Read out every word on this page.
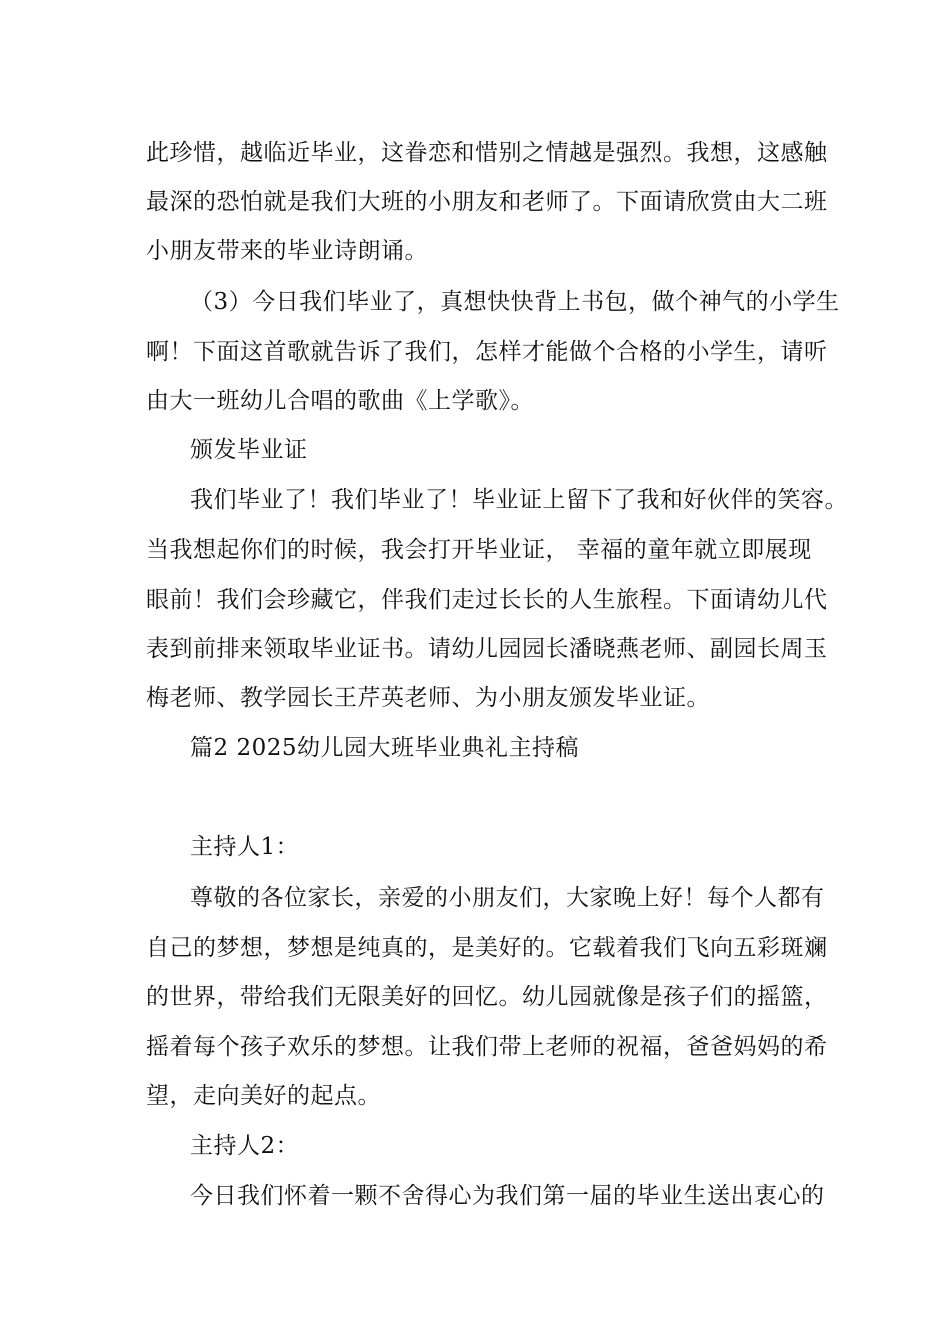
此珍惜，越临近毕业，这眷恋和惜别之情越是强烈。我想，这感触
最深的恐怕就是我们大班的小朋友和老师了。下面请欣赏由大二班
小朋友带来的毕业诗朗诵。
（3）今日我们毕业了，真想快快背上书包，做个神气的小学生
啊！下面这首歌就告诉了我们，怎样才能做个合格的小学生，请听
由大一班幼儿合唱的歌曲《上学歌》。
颁发毕业证
我们毕业了！我们毕业了！毕业证上留下了我和好伙伴的笑容。
当我想起你们的时候，我会打开毕业证， 幸福的童年就立即展现
眼前！我们会珍藏它，伴我们走过长长的人生旅程。下面请幼儿代
表到前排来领取毕业证书。请幼儿园园长潘晓燕老师、副园长周玉
梅老师、教学园长王芹英老师、为小朋友颁发毕业证。
篇2 2025幼儿园大班毕业典礼主持稿
主持人1：
尊敬的各位家长，亲爱的小朋友们，大家晚上好！每个人都有
自己的梦想，梦想是纯真的，是美好的。它载着我们飞向五彩斑斓
的世界，带给我们无限美好的回忆。幼儿园就像是孩子们的摇篮，
摇着每个孩子欢乐的梦想。让我们带上老师的祝福，爸爸妈妈的希
望，走向美好的起点。
主持人2：
今日我们怀着一颗不舍得心为我们第一届的毕业生送出衷心的
